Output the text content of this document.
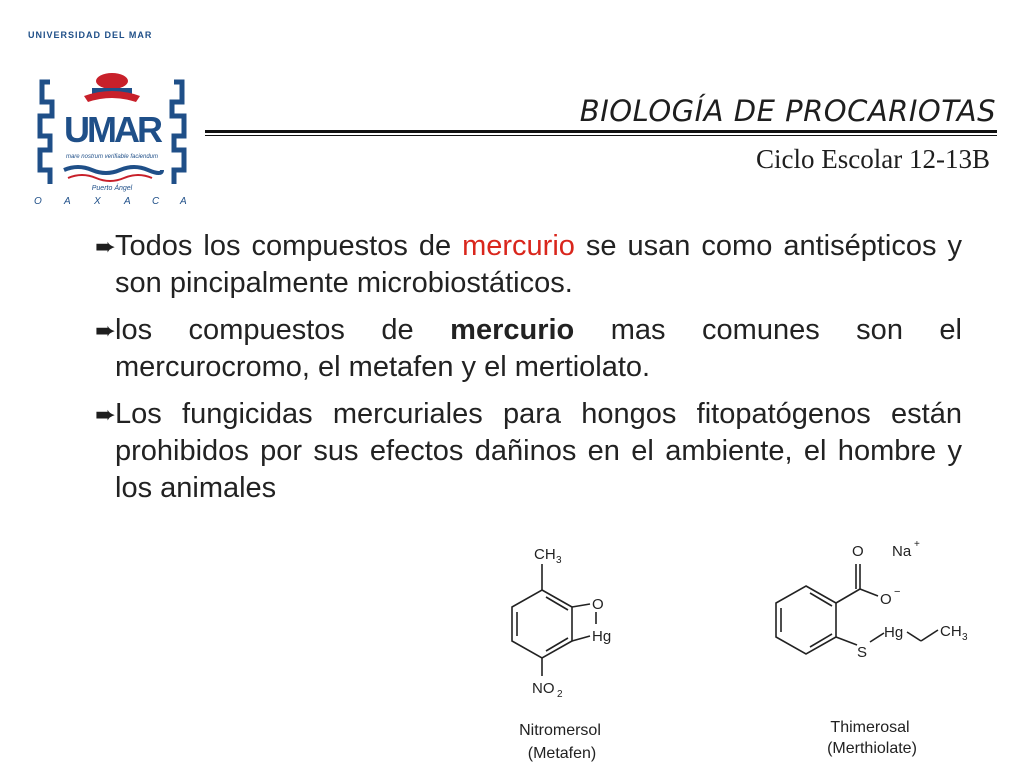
UNIVERSIDAD DEL MAR
UMAR
mare nostrum verifiable faciendum
Puerto Ángel
O A X A C A
BIOLOGÍA DE PROCARIOTAS
Ciclo Escolar 12-13B
➨ Todos los compuestos de mercurio se usan como antisépticos y son pincipalmente microbiostáticos.
➨ los compuestos de mercurio mas comunes son el mercurocromo, el metafen y el mertiolato.
➨ Los fungicidas mercuriales para hongos fitopatógenos están prohibidos por sus efectos dañinos en el ambiente, el hombre y los animales
CH 3
O
Hg
NO 2
Nitromersol
(Metafen)
O Na +
O −
S
Hg CH 3
Thimerosal
(Merthiolate)
